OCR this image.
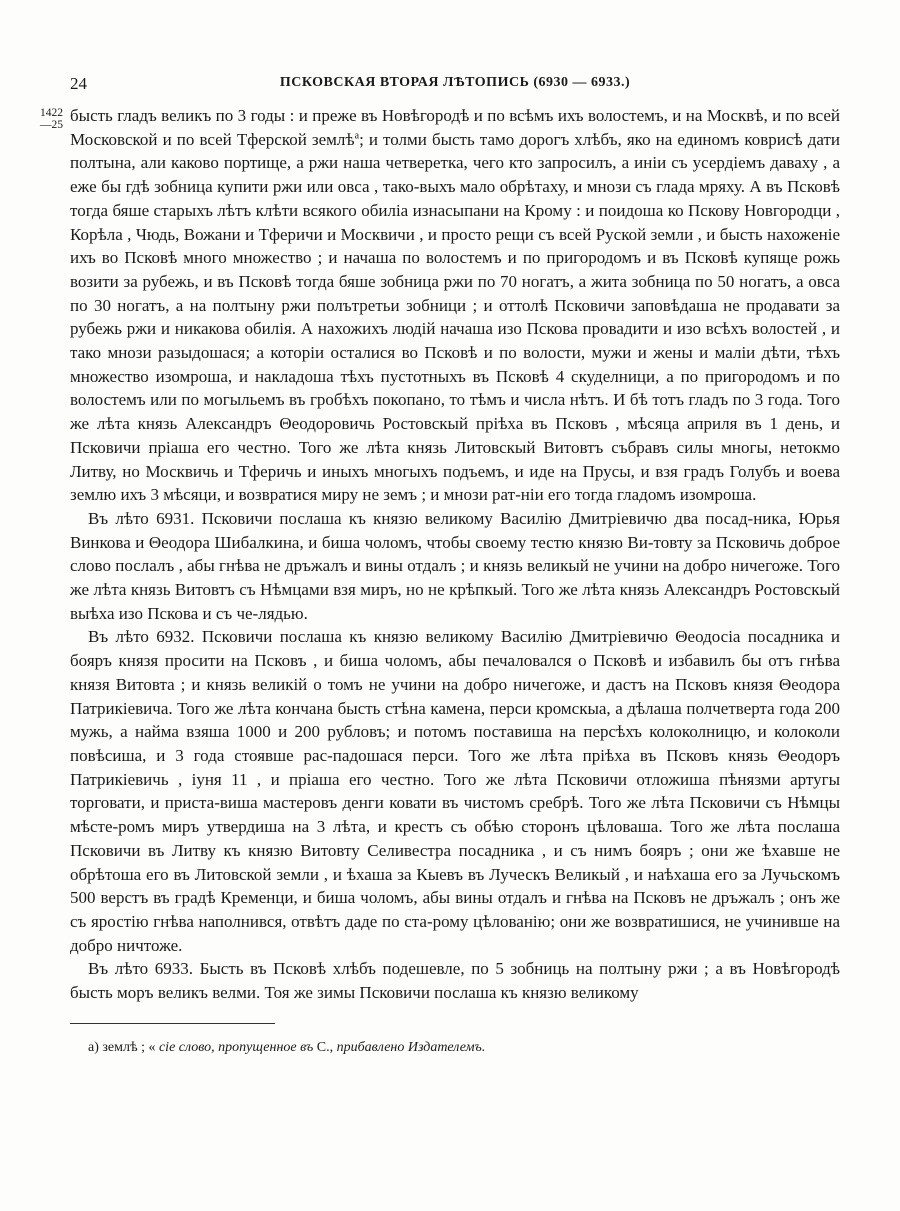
24	ПСКОВСКАЯ ВТОРАЯ ЛѢТОПИСЬ (6930 — 6933.)
1422
—25 бысть гладъ великъ по 3 годы : и прежe въ Новѣгородѣ и по всѣмъ ихъ волостемъ, и на Москвѣ, и по всей Московской и по всей Тферской землѣ$^а$; и толми бысть тамо дорогъ хлѣбъ, яко на единомъ коврисѣ дати полтына, али каково портище, а ржи наша четверетка, чего кто запросилъ, а инiи съ усердiемъ даваху , а еже бы гдѣ зобница купити ржи или овса , тако-выхъ мало обрѣтаху, и мнози съ глада мряху. А въ Псковѣ тогда бяше старыхъ лѣтъ клѣти всякого обилiа изнасыпани на Крому : и поидоша ко Пскову Новгородци , Корѣла , Чюдь, Вожани и Тферичи и Москвичи , и просто рещи съ всей Руской земли , и бысть нахоженiе ихъ во Псковѣ много множество ; и начаша по волостемъ и по пригородомъ и въ Псковѣ купяще рожь возити за рубежь, и въ Псковѣ тогда бяше зобница ржи по 70 ногатъ, а жита зобница по 50 ногатъ, а овса по 30 ногатъ, а на полтыну ржи полътретьи зобници ; и оттолѣ Псковичи заповѣдаша не продавати за рубежь ржи и никакова обилiя. А нахожихъ людiй начаша изо Пскова провадити и изо всѣхъ волостей , и тако мнози разыдошася; а которiи осталися во Псковѣ и по волости, мужи и жены и малiи дѣти, тѣхъ множество изомроша, и накладоша тѣхъ пустотныхъ въ Псковѣ 4 скуделници, а по пригородомъ и по волостемъ или по могыльемъ въ гробѣхъ покопано, то тѣмъ и числа нѣтъ. И бѣ тотъ гладъ по 3 года. Того же лѣта князь Александръ Θеодоровичь Ростовскый прiѣха въ Псковъ , мѣсяца априля въ 1 день, и Псковичи прiаша его честно. Того же лѣта князь Литовскый Витовтъ събравъ силы многы, нетокмо Литву, но Москвичь и Тферичь и иныхъ многыхъ подъемъ, и иде на Прусы, и взя градъ Голубъ и воева землю ихъ 3 мѣсяци, и возвратися миру не земъ ; и мнози рат-нiи его тогда гладомъ изомроша.

Въ лѣто 6931. Псковичи послаша къ князю великому Василiю Дмитрiевичю два посад-ника, Юрья Винкова и Θеодора Шибалкина, и биша чоломъ, чтобы своему тестю князю Ви-товту за Псковичь доброе слово послалъ , абы гнѣва не дръжалъ и вины отдалъ ; и князь великый не учини на добро ничегоже. Того же лѣта князь Витовтъ съ Нѣмцами взя миръ, но не крѣпкый. Того же лѣта князь Александръ Ростовскый выѣха изо Пскова и съ че-лядью.

Въ лѣто 6932. Псковичи послаша къ князю великому Василiю Дмитрiевичю Θеодосiа посадника и бояръ князя просити на Псковъ , и биша чоломъ, абы печаловался о Псковѣ и избавилъ бы отъ гнѣва князя Витовта ; и князь великiй о томъ не учини на добро ничегоже, и дастъ на Псковъ князя Θеодора Патрикiевича. Того же лѣта кончана бысть стѣна камена, перси кромскыа, а дѣлаша полчетверта года 200 мужь, а найма взяша 1000 и 200 рубловъ; и потомъ поставиша на персѣхъ колоколницю, и колоколи повѣсиша, и 3 года стоявше рас-падошася перси. Того же лѣта прiѣха въ Псковъ князь Θеодоръ Патрикiевичь , iуня 11 , и прiаша его честно. Того же лѣта Псковичи отложиша пѣнязми артугы торговати, и приста-виша мастеровъ денги ковати въ чистомъ сребрѣ. Того же лѣта Псковичи съ Нѣмцы мѣсте-ромъ миръ утвердиша на 3 лѣта, и крестъ съ обѣю сторонъ цѣловаша. Того же лѣта послаша Псковичи въ Литву къ князю Витовту Селивестра посадника , и съ нимъ бояръ ; они же ѣхавше не обрѣтоша его въ Литовской земли , и ѣхаша за Кыевъ въ Луческъ Великый , и наѣхаша его за Лучьскомъ 500 верстъ въ градѣ Кременци, и биша чоломъ, абы вины отдалъ и гнѣва на Псковъ не дръжалъ ; онъ же съ яростiю гнѣва наполнився, отвѣтъ даде по ста-рому цѣлованiю; они же возвратишися, не учинивше на добро ничтоже.

Въ лѣто 6933. Бысть въ Псковѣ хлѣбъ подешевле, по 5 зобниць на полтыну ржи ; а въ Новѣгородѣ бысть моръ великъ велми. Тоя же зимы Псковичи послаша къ князю великому

а) землѣ ; « сiе слово, пропущенное въ С., прибавлено Издателемъ.
